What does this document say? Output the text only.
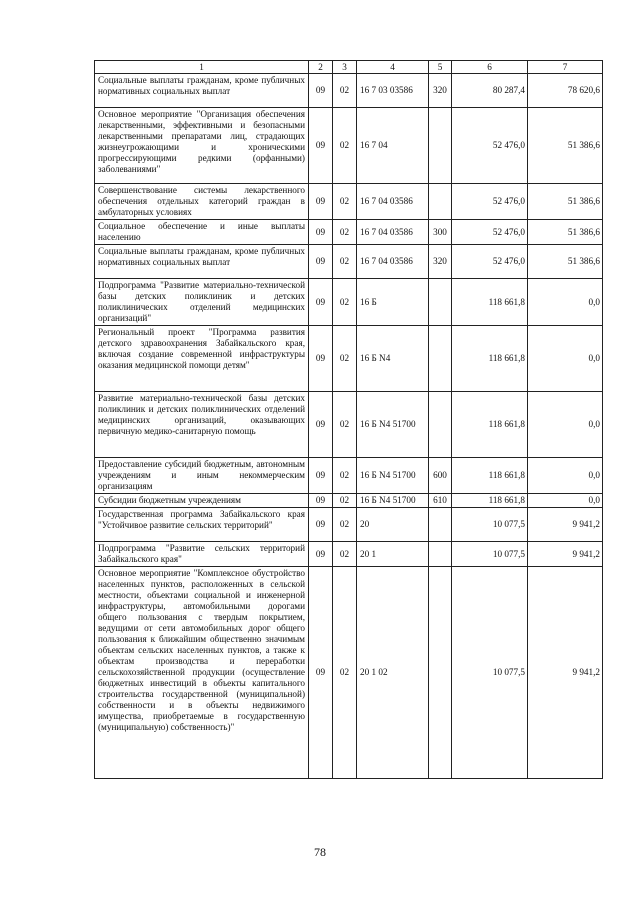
1	2	3	4	5	6	7
Социальные выплаты гражданам, кроме публичных нормативных социальных выплат	09	02	16 7 03 03586	320	80 287,4	78 620,6
Основное мероприятие "Организация обеспечения лекарственными, эффективными и безопасными лекарственными препаратами лиц, страдающих жизнеугрожающими и хроническими прогрессирующими редкими (орфанными) заболеваниями"	09	02	16 7 04		52 476,0	51 386,6
Совершенствование системы лекарственного обеспечения отдельных категорий граждан в амбулаторных условиях	09	02	16 7 04 03586		52 476,0	51 386,6
Социальное обеспечение и иные выплаты населению	09	02	16 7 04 03586	300	52 476,0	51 386,6
Социальные выплаты гражданам, кроме публичных нормативных социальных выплат	09	02	16 7 04 03586	320	52 476,0	51 386,6
Подпрограмма "Развитие материально-технической базы детских поликлиник и детских поликлинических отделений медицинских организаций"	09	02	16 Б		118 661,8	0,0
Региональный проект "Программа развития детского здравоохранения Забайкальского края, включая создание современной инфраструктуры оказания медицинской помощи детям"	09	02	16 Б N4		118 661,8	0,0
Развитие материально-технической базы детских поликлиник и детских поликлинических отделений медицинских организаций, оказывающих первичную медико-санитарную помощь	09	02	16 Б N4 51700		118 661,8	0,0
Предоставление субсидий бюджетным, автономным учреждениям и иным некоммерческим организациям	09	02	16 Б N4 51700	600	118 661,8	0,0
Субсидии бюджетным учреждениям	09	02	16 Б N4 51700	610	118 661,8	0,0
Государственная программа Забайкальского края "Устойчивое развитие сельских территорий"	09	02	20		10 077,5	9 941,2
Подпрограмма "Развитие сельских территорий Забайкальского края"	09	02	20 1		10 077,5	9 941,2
Основное мероприятие "Комплексное обустройство населенных пунктов, расположенных в сельской местности, объектами социальной и инженерной инфраструктуры, автомобильными дорогами общего пользования с твердым покрытием, ведущими от сети автомобильных дорог общего пользования к ближайшим общественно значимым объектам сельских населенных пунктов, а также к объектам производства и переработки сельскохозяйственной продукции (осуществление бюджетных инвестиций в объекты капитального строительства государственной (муниципальной) собственности и в объекты недвижимого имущества, приобретаемые в государственную (муниципальную) собственность)"	09	02	20 1 02		10 077,5	9 941,2
78
